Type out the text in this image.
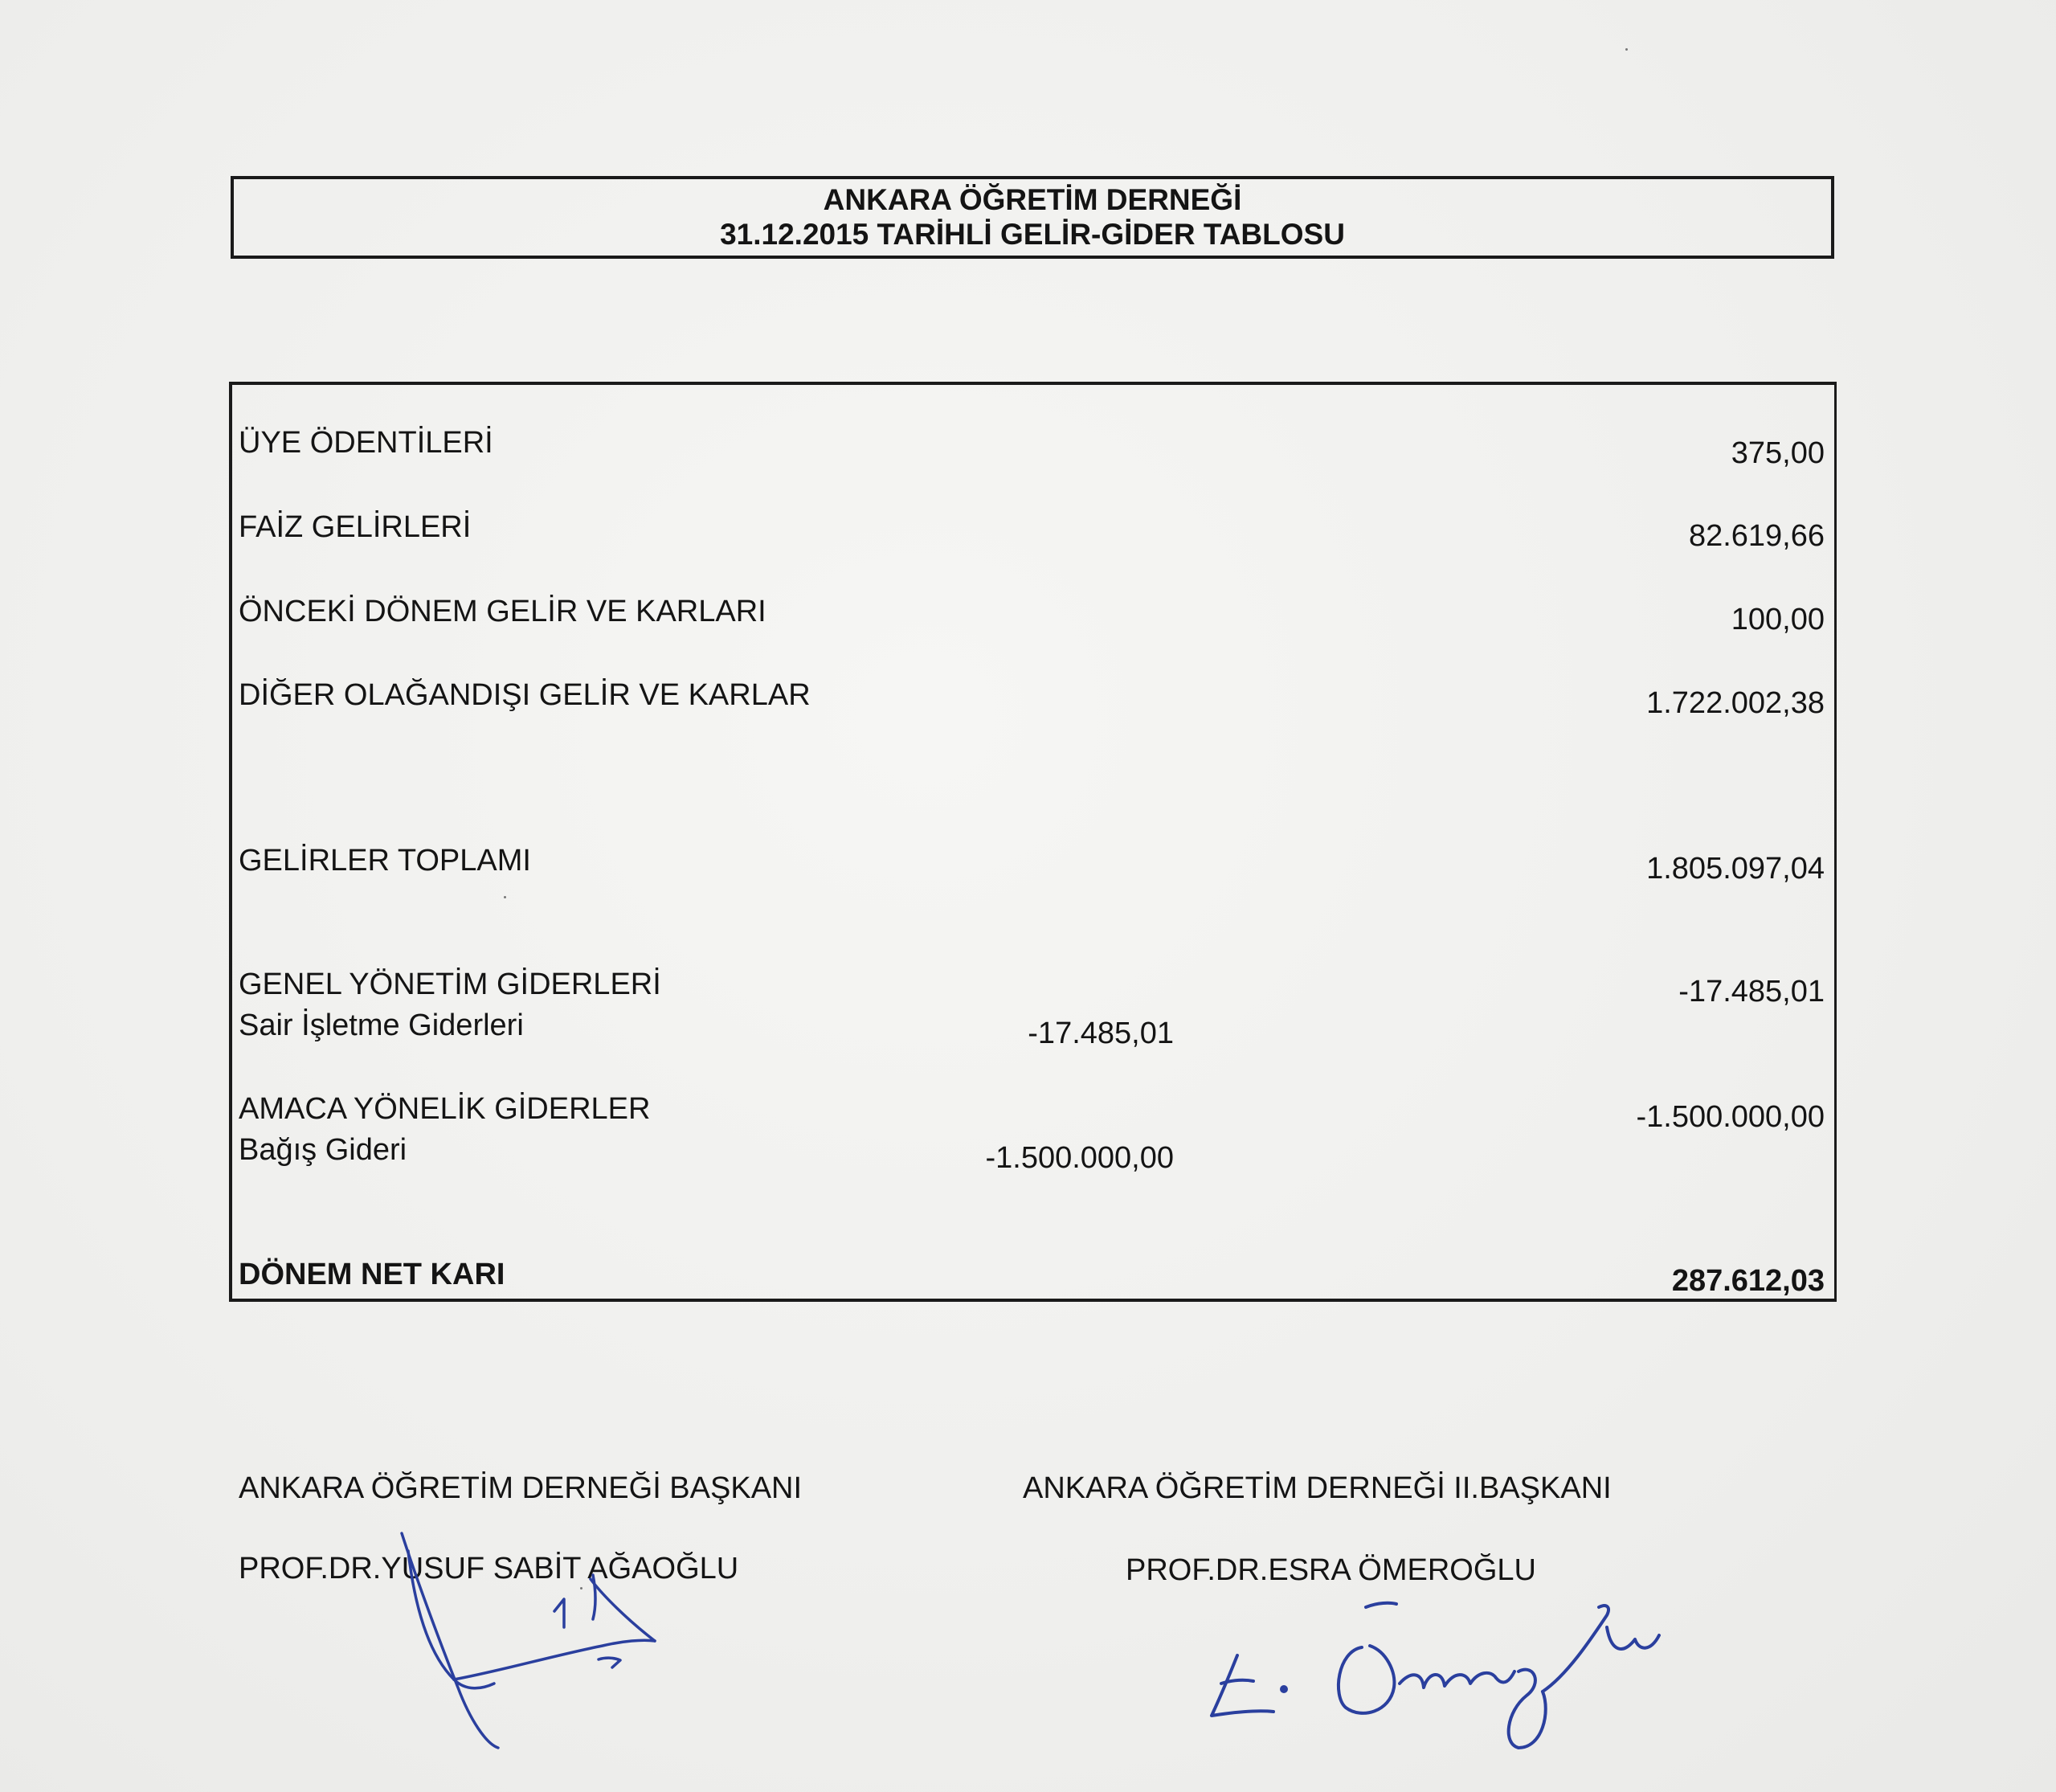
ANKARA ÖĞRETİM DERNEĞİ
31.12.2015 TARİHLİ GELİR-GİDER TABLOSU
ÜYE ÖDENTİLERİ	375,00
FAİZ GELİRLERİ	82.619,66
ÖNCEKİ DÖNEM GELİR VE KARLARI	100,00
DİĞER OLAĞANDIŞI GELİR VE KARLAR	1.722.002,38
GELİRLER TOPLAMI	1.805.097,04
GENEL YÖNETİM GİDERLERİ	-17.485,01
Sair İşletme Giderleri	-17.485,01
AMACA YÖNELİK GİDERLER	-1.500.000,00
Bağış Gideri	-1.500.000,00
DÖNEM NET KARI	287.612,03
ANKARA ÖĞRETİM DERNEĞİ BAŞKANI
PROF.DR.YUSUF SABİT AĞAOĞLU
ANKARA ÖĞRETİM DERNEĞİ II.BAŞKANI
PROF.DR.ESRA ÖMEROĞLU
